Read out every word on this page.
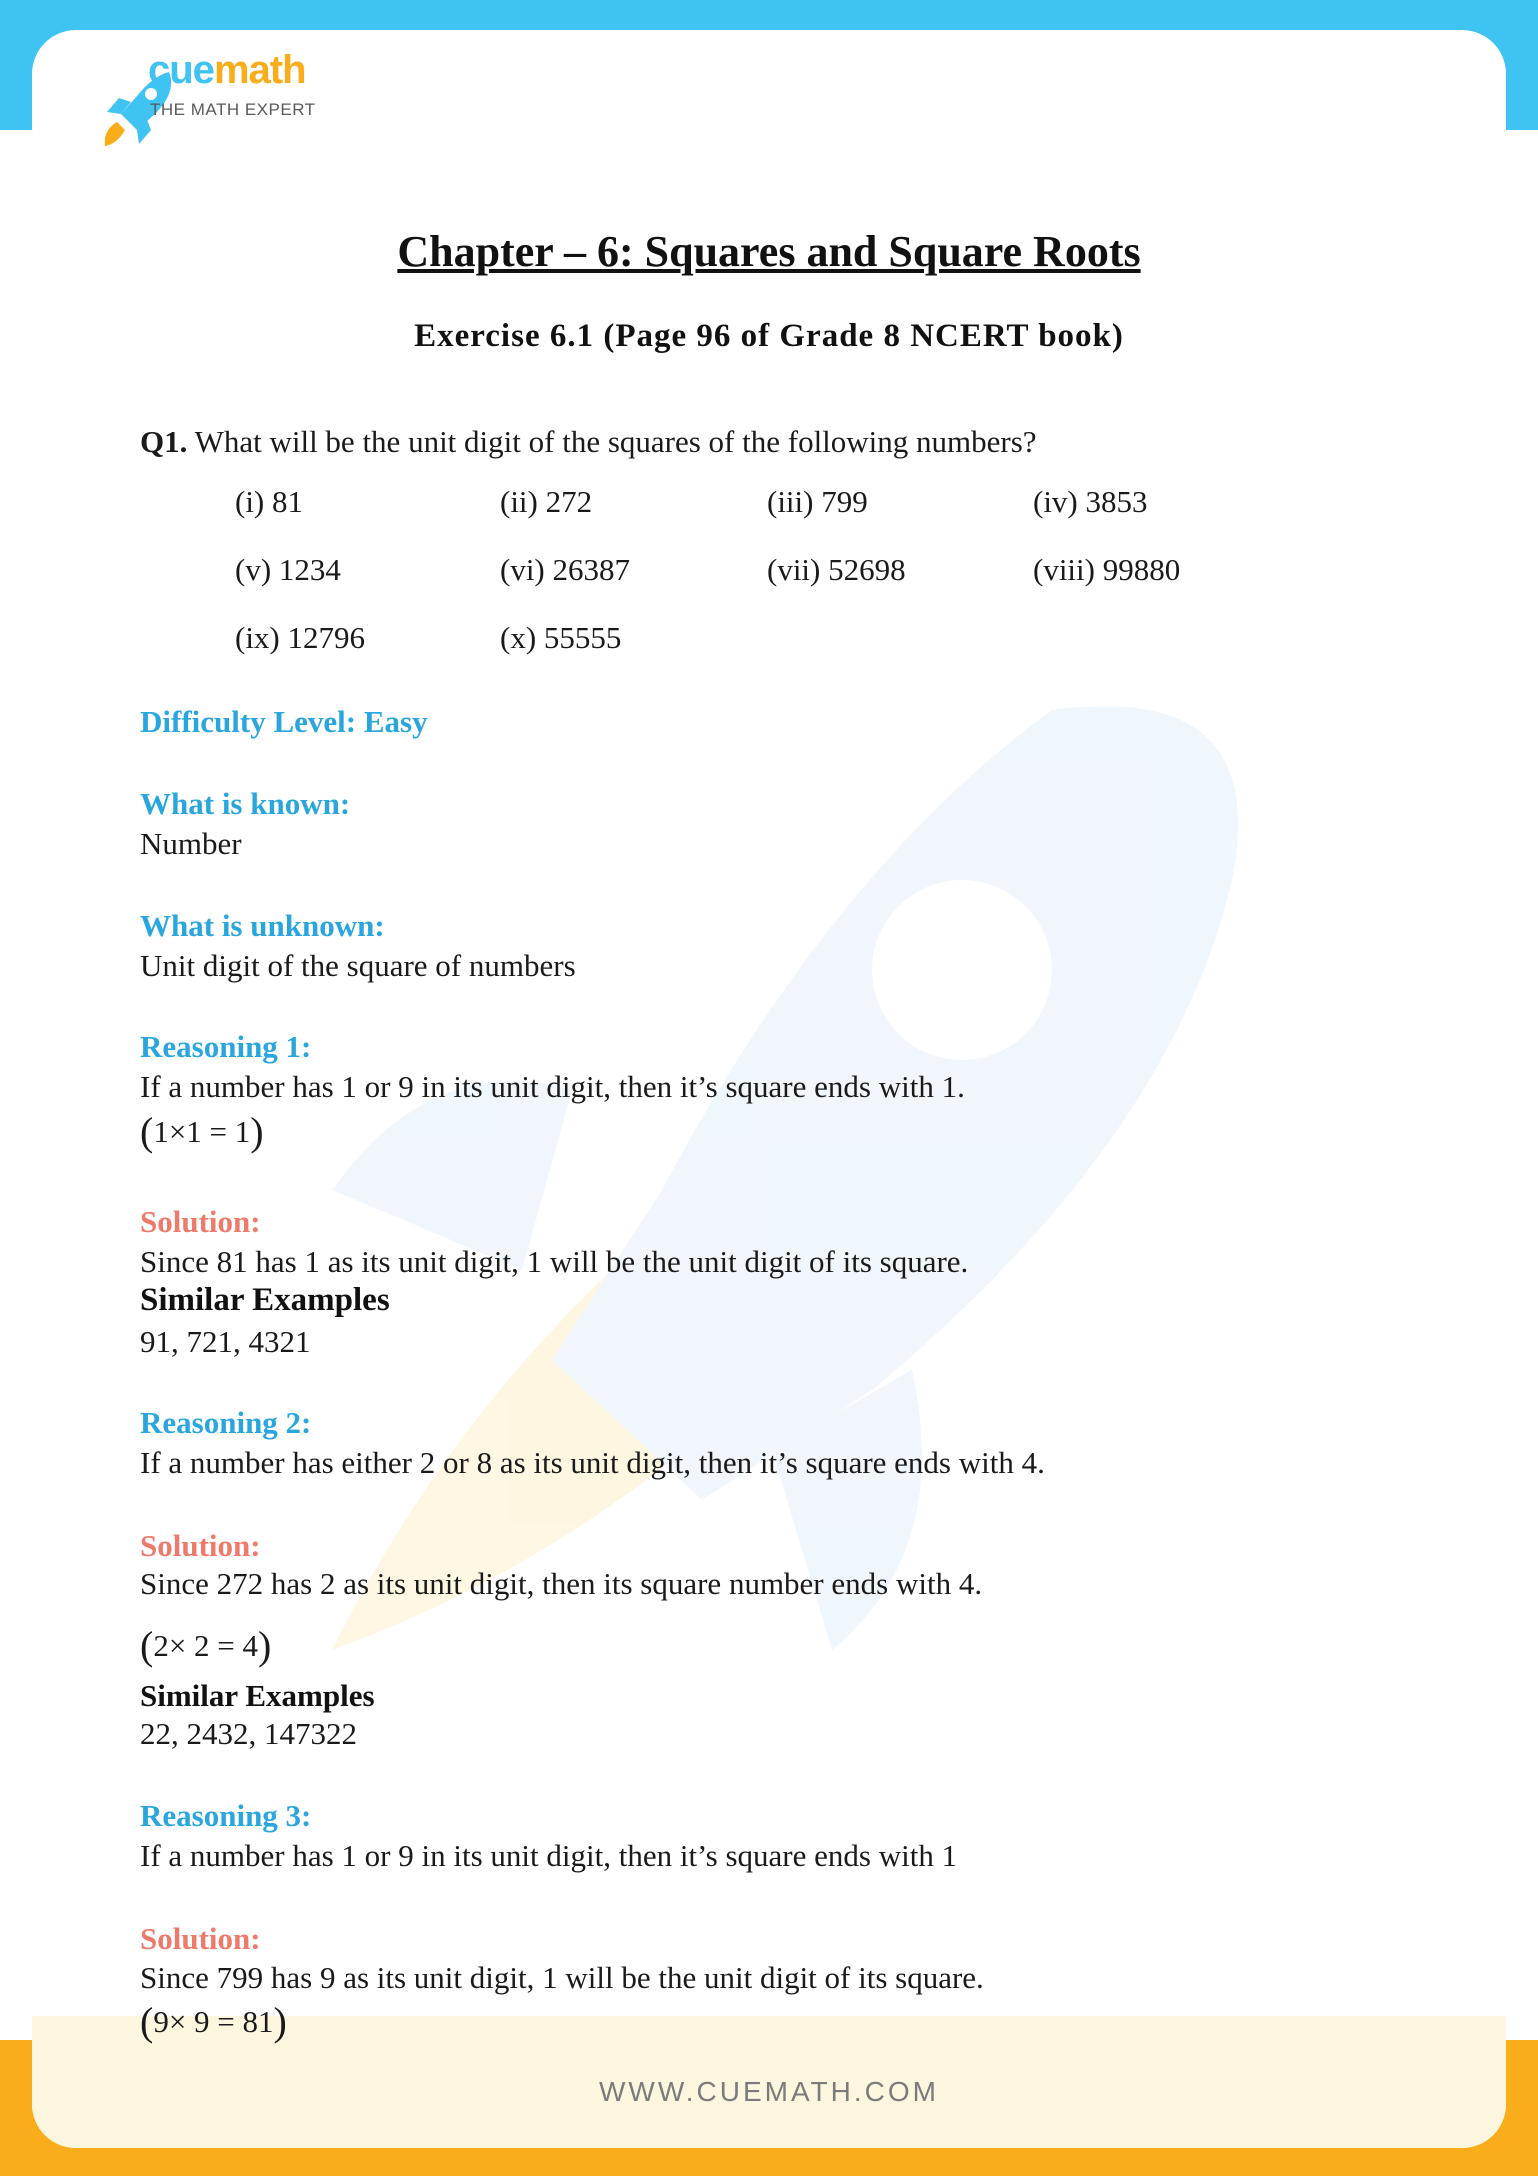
WWW.CUEMATH.COM
cuemath
THE MATH EXPERT
Chapter – 6: Squares and Square Roots
Exercise 6.1 (Page 96 of Grade 8 NCERT book)
Q1. What will be the unit digit of the squares of the following numbers?
(i) 81	(ii) 272	(iii) 799	(iv) 3853
(v) 1234	(vi) 26387	(vii) 52698	(viii) 99880
(ix) 12796	(x) 55555
Difficulty Level: Easy
What is known:
Number
What is unknown:
Unit digit of the square of numbers
Reasoning 1:
If a number has 1 or 9 in its unit digit, then it’s square ends with 1.
(1×1 = 1)
Solution:
Since 81 has 1 as its unit digit, 1 will be the unit digit of its square.
Similar Examples
91, 721, 4321
Reasoning 2:
If a number has either 2 or 8 as its unit digit, then it’s square ends with 4.
Solution:
Since 272 has 2 as its unit digit, then its square number ends with 4.
(2× 2 = 4)
Similar Examples
22, 2432, 147322
Reasoning 3:
If a number has 1 or 9 in its unit digit, then it’s square ends with 1
Solution:
Since 799 has 9 as its unit digit, 1 will be the unit digit of its square.
(9× 9 = 81)
